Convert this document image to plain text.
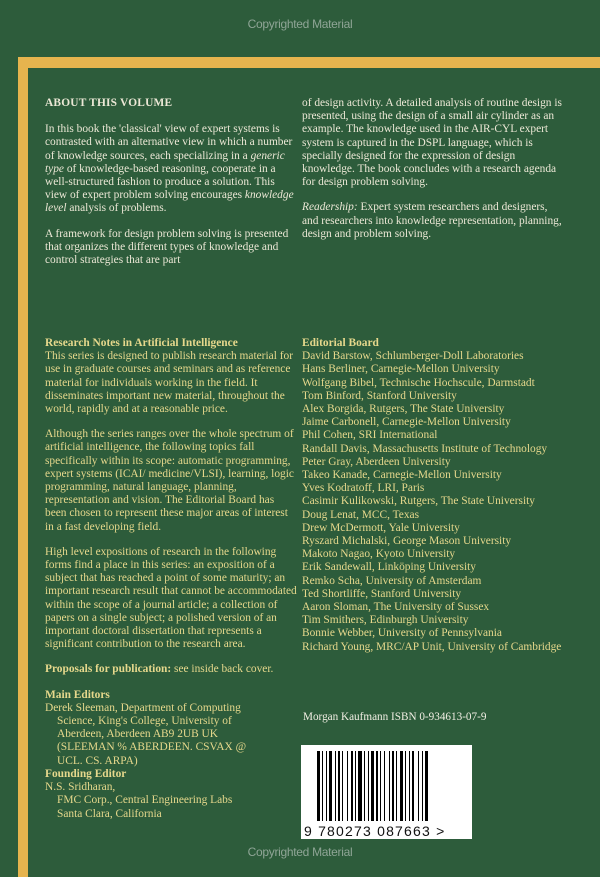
Copyrighted Material
ABOUT THIS VOLUME

In this book the 'classical' view of expert systems is contrasted with an alternative view in which a number of knowledge sources, each specializing in a generic type of knowledge-based reasoning, cooperate in a well-structured fashion to produce a solution. This view of expert problem solving encourages knowledge level analysis of problems.

A framework for design problem solving is presented that organizes the different types of knowledge and control strategies that are part

of design activity. A detailed analysis of routine design is presented, using the design of a small air cylinder as an example. The knowledge used in the AIR-CYL expert system is captured in the DSPL language, which is specially designed for the expression of design knowledge. The book concludes with a research agenda for design problem solving.

Readership: Expert system researchers and designers, and researchers into knowledge representation, planning, design and problem solving.

Research Notes in Artificial Intelligence

This series is designed to publish research material for use in graduate courses and seminars and as reference material for individuals working in the field. It disseminates important new material, throughout the world, rapidly and at a reasonable price.

Although the series ranges over the whole spectrum of artificial intelligence, the following topics fall specifically within its scope: automatic programming, expert systems (ICAI/ medicine/VLSI), learning, logic programming, natural language, planning, representation and vision. The Editorial Board has been chosen to represent these major areas of interest in a fast developing field.

High level expositions of research in the following forms find a place in this series: an exposition of a subject that has reached a point of some maturity; an important research result that cannot be accommodated within the scope of a journal article; a collection of papers on a single subject; a polished version of an important doctoral dissertation that represents a significant contribution to the research area.

Proposals for publication: see inside back cover.

Main Editors
Derek Sleeman, Department of Computing
Science, King's College, University of
Aberdeen, Aberdeen AB9 2UB UK
(SLEEMAN % ABERDEEN. CSVAX @
UCL. CS. ARPA)
Founding Editor
N.S. Sridharan,
FMC Corp., Central Engineering Labs
Santa Clara, California
Editorial Board
David Barstow, Schlumberger-Doll Laboratories
Hans Berliner, Carnegie-Mellon University
Wolfgang Bibel, Technische Hochscule, Darmstadt
Tom Binford, Stanford University
Alex Borgida, Rutgers, The State University
Jaime Carbonell, Carnegie-Mellon University
Phil Cohen, SRI International
Randall Davis, Massachusetts Institute of Technology
Peter Gray, Aberdeen University
Takeo Kanade, Carnegie-Mellon University
Yves Kodratoff, LRI, Paris
Casimir Kulikowski, Rutgers, The State University
Doug Lenat, MCC, Texas
Drew McDermott, Yale University
Ryszard Michalski, George Mason University
Makoto Nagao, Kyoto University
Erik Sandewall, Linköping University
Remko Scha, University of Amsterdam
Ted Shortliffe, Stanford University
Aaron Sloman, The University of Sussex
Tim Smithers, Edinburgh University
Bonnie Webber, University of Pennsylvania
Richard Young, MRC/AP Unit, University of Cambridge
Morgan Kaufmann ISBN 0-934613-07-9
9 780273 087663 >
Copyrighted Material
